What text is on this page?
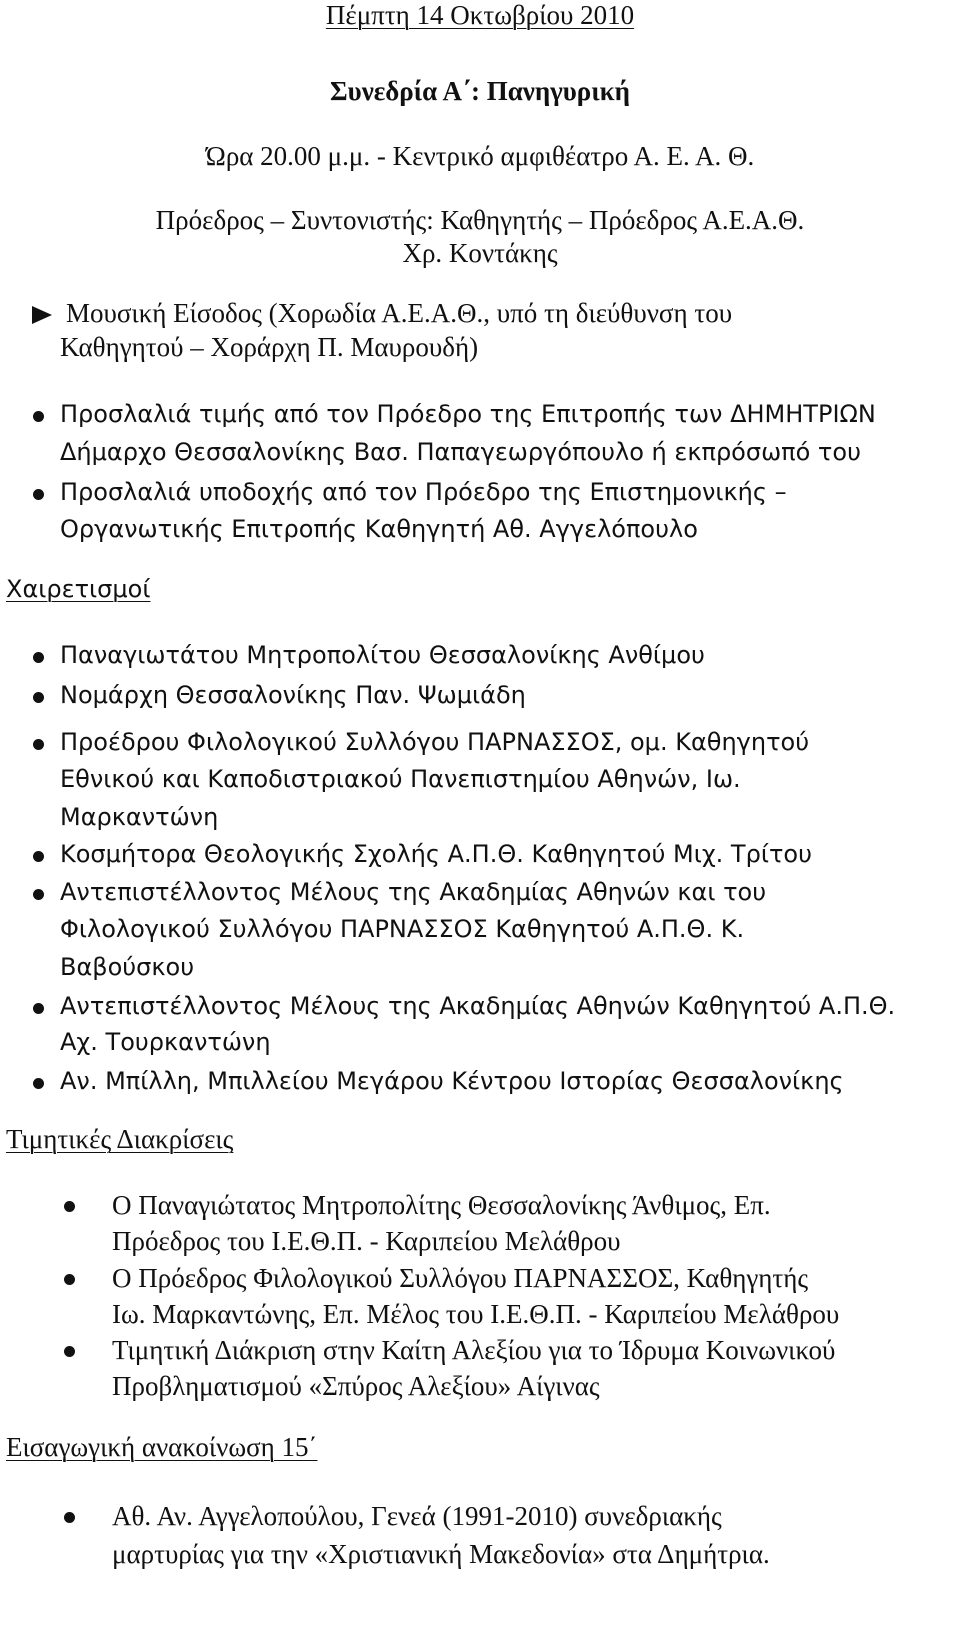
Πέμπτη 14 Οκτωβρίου 2010
Συνεδρία Α΄: Πανηγυρική
Ώρα 20.00 μ.μ. - Κεντρικό αμφιθέατρο Α. Ε. Α. Θ.
Πρόεδρος – Συντονιστής: Καθηγητής – Πρόεδρος Α.Ε.Α.Θ.
Χρ. Κοντάκης
Μουσική Είσοδος (Χορωδία Α.Ε.Α.Θ., υπό τη διεύθυνση του
Καθηγητού – Χοράρχη Π. Μαυρουδή)
Προσλαλιά τιμής από τον Πρόεδρο της Επιτροπής των ΔΗΜΗΤΡΙΩΝ
Δήμαρχο Θεσσαλονίκης Βασ. Παπαγεωργόπουλο ή εκπρόσωπό του
Προσλαλιά υποδοχής από τον Πρόεδρο της Επιστημονικής –
Οργανωτικής Επιτροπής Καθηγητή Αθ. Αγγελόπουλο
Χαιρετισμοί
Παναγιωτάτου Μητροπολίτου Θεσσαλονίκης Ανθίμου
Νομάρχη Θεσσαλονίκης Παν. Ψωμιάδη
Προέδρου Φιλολογικού Συλλόγου ΠΑΡΝΑΣΣΟΣ, ομ. Καθηγητού
Εθνικού και Καποδιστριακού Πανεπιστημίου Αθηνών, Ιω.
Μαρκαντώνη
Κοσμήτορα Θεολογικής Σχολής Α.Π.Θ. Καθηγητού Μιχ. Τρίτου
Αντεπιστέλλοντος Μέλους της Ακαδημίας Αθηνών και του
Φιλολογικού Συλλόγου ΠΑΡΝΑΣΣΟΣ Καθηγητού Α.Π.Θ. Κ.
Βαβούσκου
Αντεπιστέλλοντος Μέλους της Ακαδημίας Αθηνών Καθηγητού Α.Π.Θ.
Αχ. Τουρκαντώνη
Αν. Μπίλλη, Μπιλλείου Μεγάρου Κέντρου Ιστορίας Θεσσαλονίκης
Τιμητικές Διακρίσεις
Ο Παναγιώτατος Μητροπολίτης Θεσσαλονίκης Άνθιμος, Επ.
Πρόεδρος του Ι.Ε.Θ.Π. - Καριπείου Μελάθρου
Ο Πρόεδρος Φιλολογικού Συλλόγου ΠΑΡΝΑΣΣΟΣ, Καθηγητής
Ιω. Μαρκαντώνης, Επ. Μέλος του Ι.Ε.Θ.Π. - Καριπείου Μελάθρου
Τιμητική Διάκριση στην Καίτη Αλεξίου για το Ίδρυμα Κοινωνικού
Προβληματισμού «Σπύρος Αλεξίου» Αίγινας
Εισαγωγική ανακοίνωση 15΄
Αθ. Αν. Αγγελοπούλου, Γενεά (1991-2010) συνεδριακής
μαρτυρίας για την «Χριστιανική Μακεδονία» στα Δημήτρια.
